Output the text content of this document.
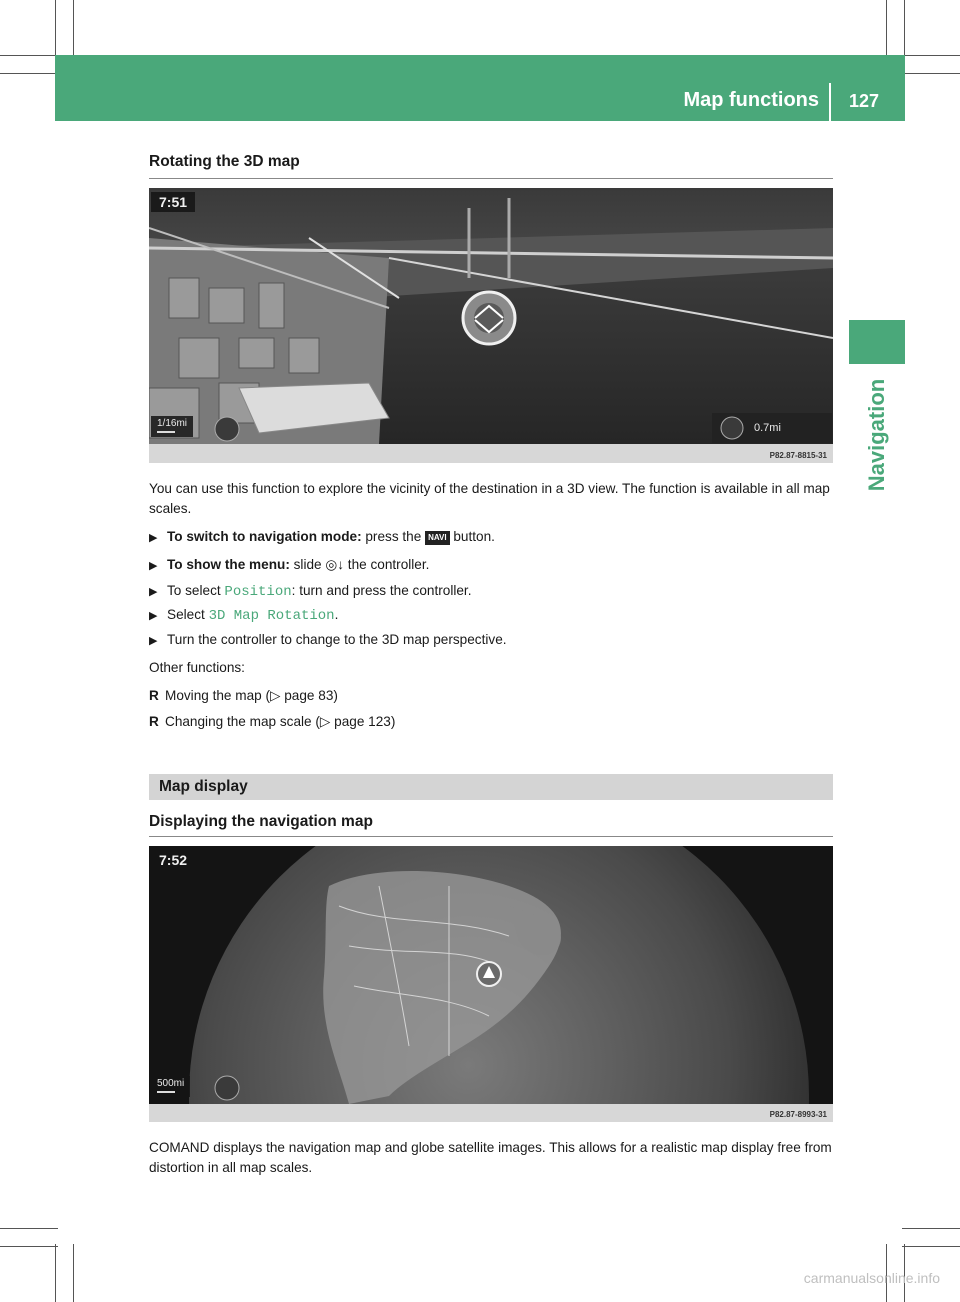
Map functions 127
Navigation
Rotating the 3D map
7:51
1/16mi	0.7mi
P82.87-8815-31
You can use this function to explore the vicinity of the destination in a 3D view. The function is available in all map scales.
▶ To switch to navigation mode: press the NAVI button.
▶ To show the menu: slide ◎↓ the controller.
▶ To select Position: turn and press the controller.
▶ Select 3D Map Rotation.
▶ Turn the controller to change to the 3D map perspective.
Other functions:
R Moving the map (▷ page 83)
R Changing the map scale (▷ page 123)
Map display
Displaying the navigation map
7:52
500mi
P82.87-8993-31
COMAND displays the navigation map and globe satellite images. This allows for a realistic map display free from distortion in all map scales.
carmanualsonline.info
